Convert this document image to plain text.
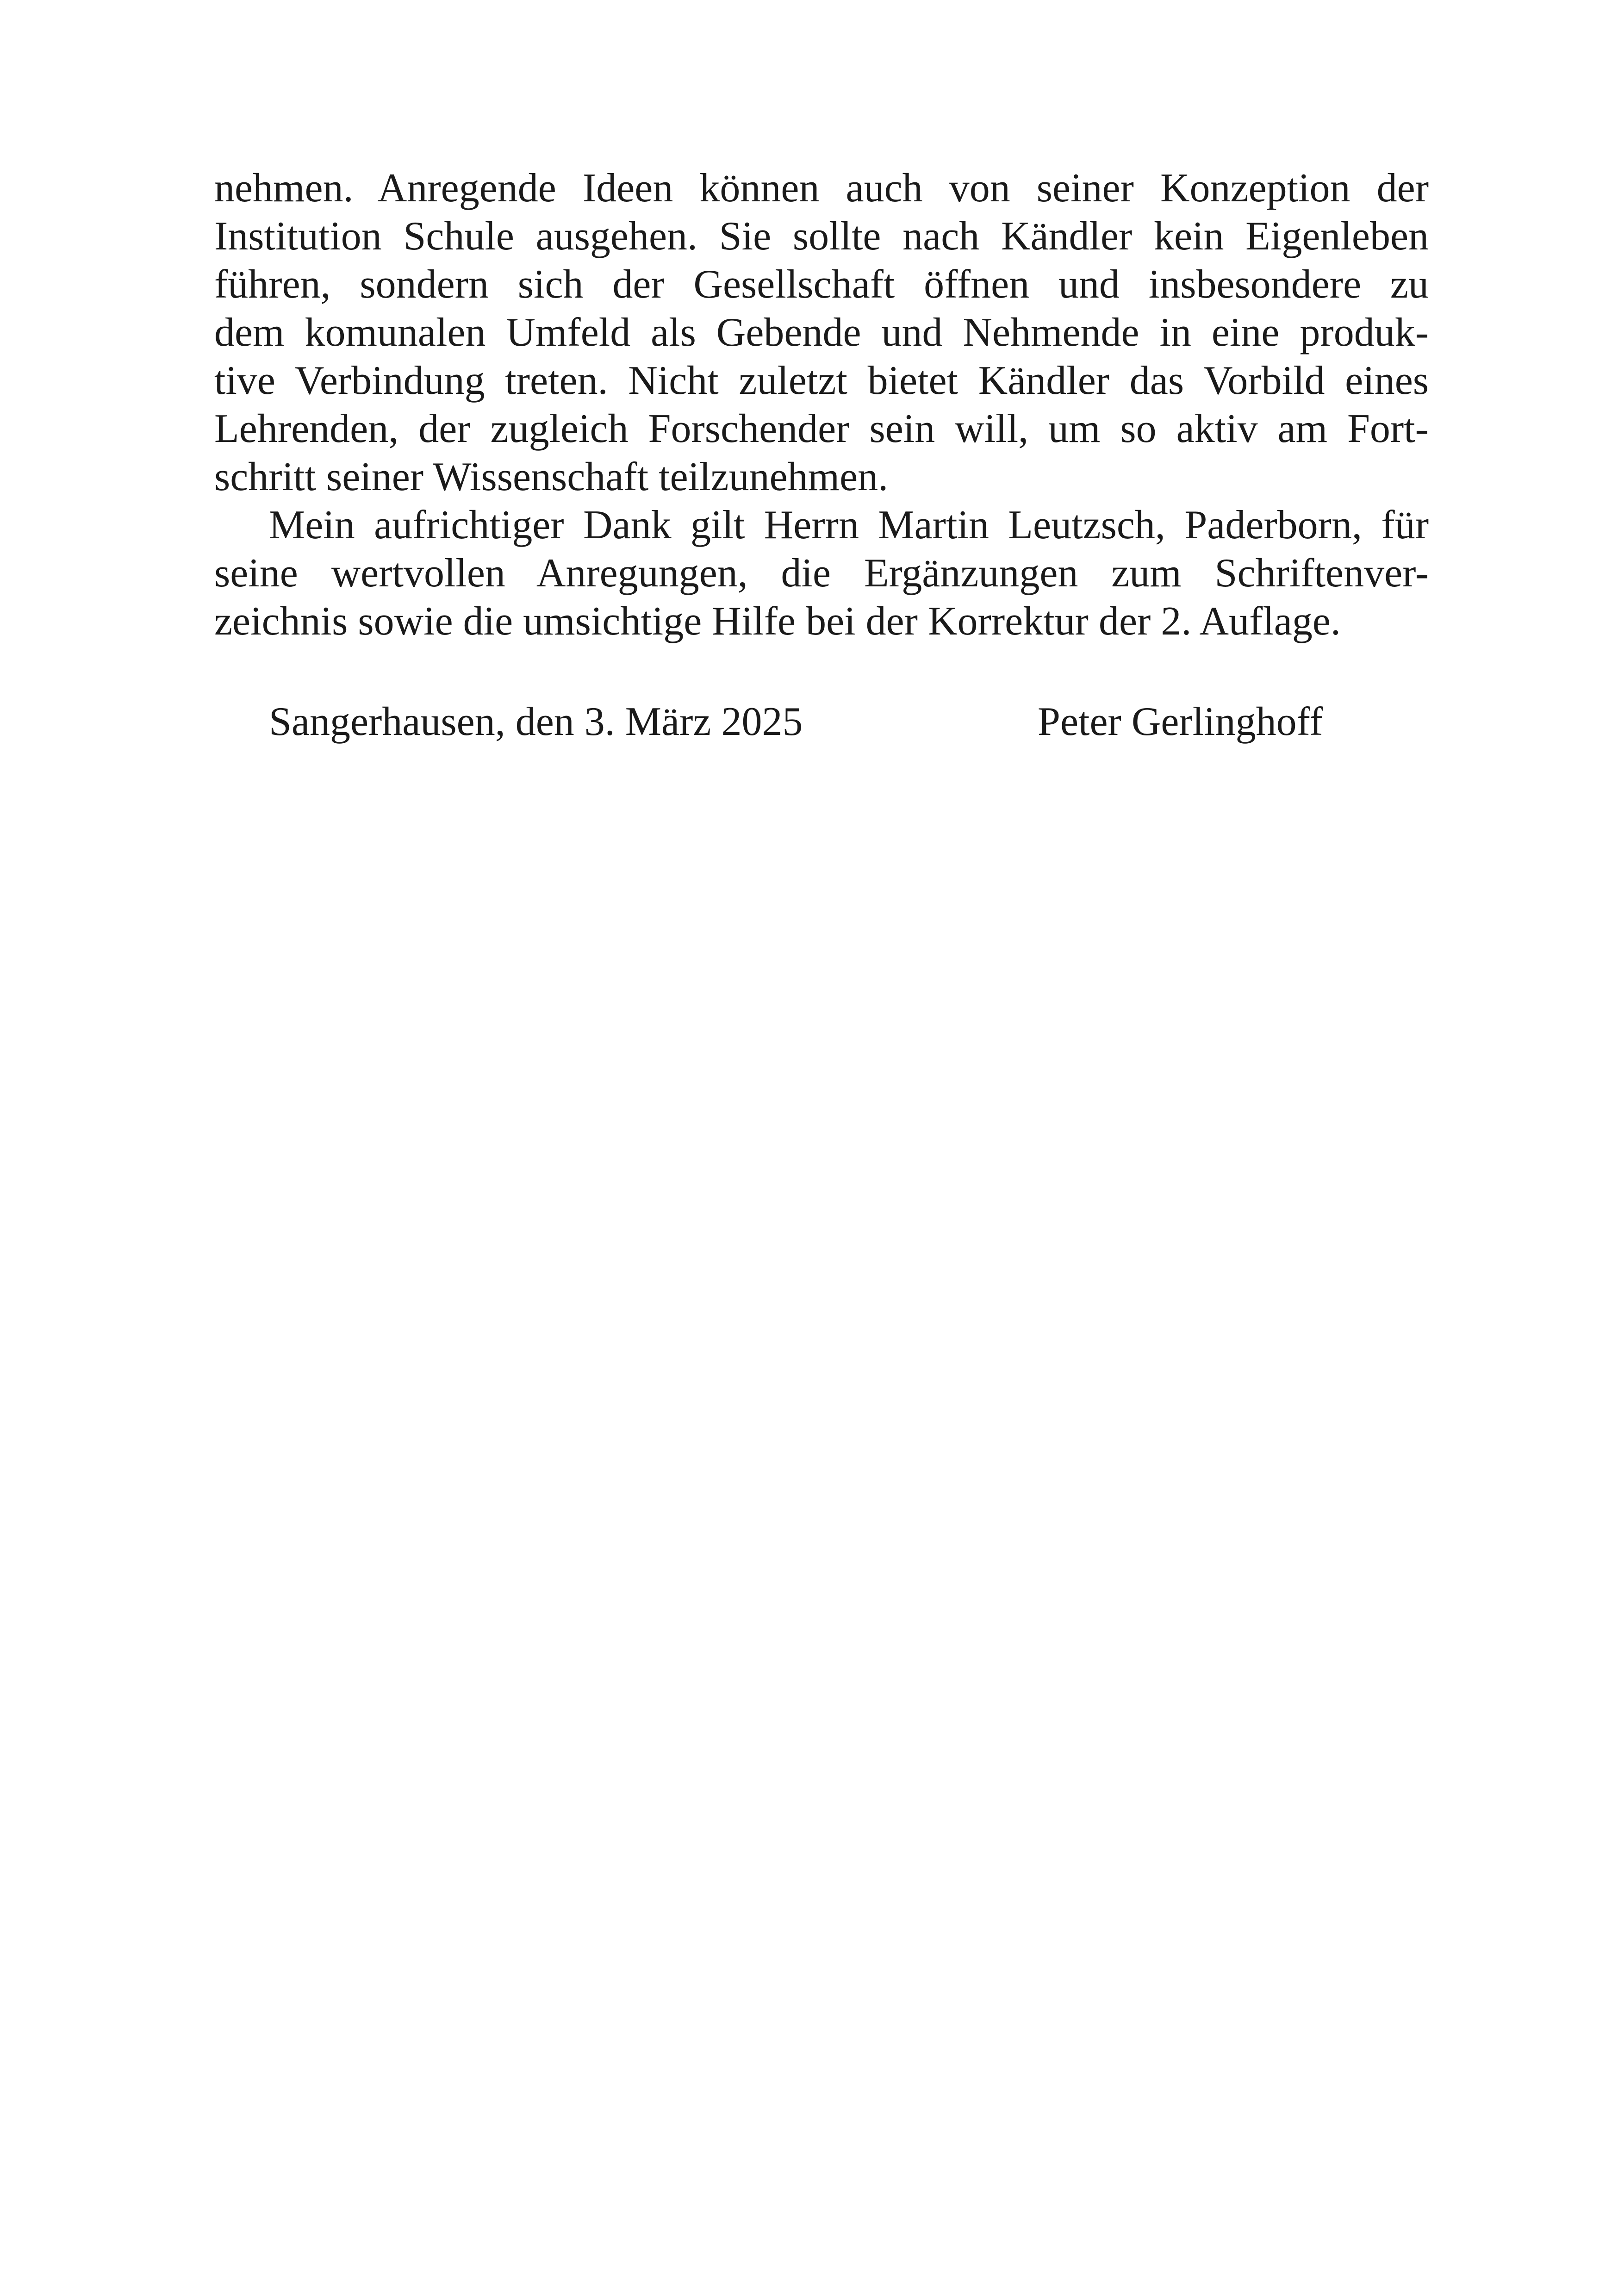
nehmen. Anregende Ideen können auch von seiner Konzeption der
Institution Schule ausgehen. Sie sollte nach Kändler kein Eigenleben
führen, sondern sich der Gesellschaft öffnen und insbesondere zu
dem komunalen Umfeld als Gebende und Nehmende in eine produk-
tive Verbindung treten. Nicht zuletzt bietet Kändler das Vorbild eines
Lehrenden, der zugleich Forschender sein will, um so aktiv am Fort-
schritt seiner Wissenschaft teilzunehmen.
Mein aufrichtiger Dank gilt Herrn Martin Leutzsch, Paderborn, für
seine wertvollen Anregungen, die Ergänzungen zum Schriftenver-
zeichnis sowie die umsichtige Hilfe bei der Korrektur der 2. Auflage.
Sangerhausen, den 3. März 2025	Peter Gerlinghoff
